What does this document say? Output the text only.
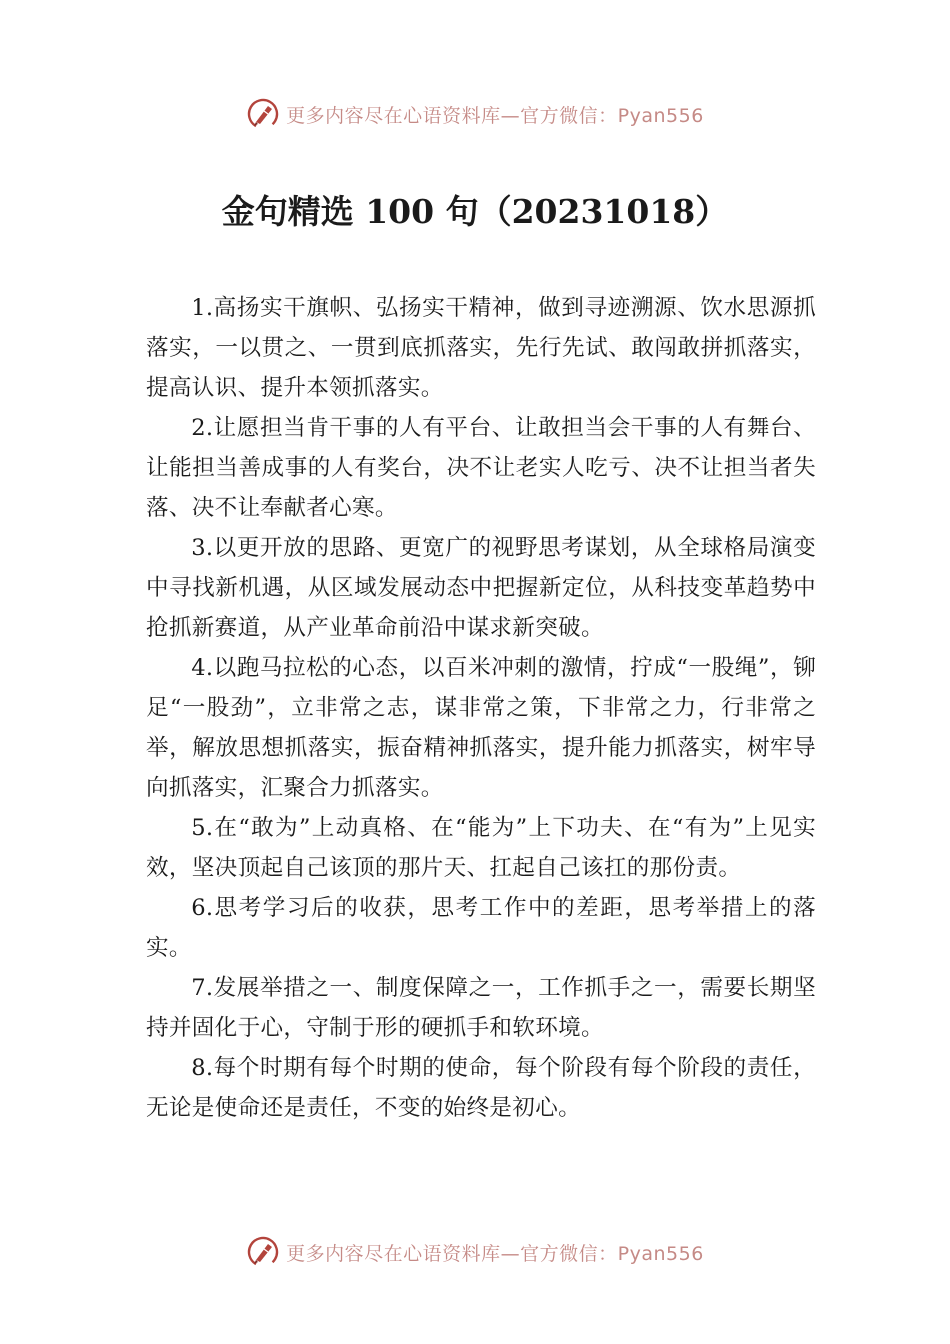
更多内容尽在心语资料库—官方微信：Pyan556
金句精选 100 句（20231018）

1.高扬实干旗帜、弘扬实干精神，做到寻迹溯源、饮水思源抓落实，一以贯之、一贯到底抓落实，先行先试、敢闯敢拼抓落实，提高认识、提升本领抓落实。

2.让愿担当肯干事的人有平台、让敢担当会干事的人有舞台、让能担当善成事的人有奖台，决不让老实人吃亏、决不让担当者失落、决不让奉献者心寒。

3.以更开放的思路、更宽广的视野思考谋划，从全球格局演变中寻找新机遇，从区域发展动态中把握新定位，从科技变革趋势中抢抓新赛道，从产业革命前沿中谋求新突破。

4.以跑马拉松的心态，以百米冲刺的激情，拧成“一股绳”，铆足“一股劲”，立非常之志，谋非常之策，下非常之力，行非常之举，解放思想抓落实，振奋精神抓落实，提升能力抓落实，树牢导向抓落实，汇聚合力抓落实。

5.在“敢为”上动真格、在“能为”上下功夫、在“有为”上见实效，坚决顶起自己该顶的那片天、扛起自己该扛的那份责。

6.思考学习后的收获，思考工作中的差距，思考举措上的落实。

7.发展举措之一、制度保障之一，工作抓手之一，需要长期坚持并固化于心，守制于形的硬抓手和软环境。

8.每个时期有每个时期的使命，每个阶段有每个阶段的责任，无论是使命还是责任，不变的始终是初心。

更多内容尽在心语资料库—官方微信：Pyan556
